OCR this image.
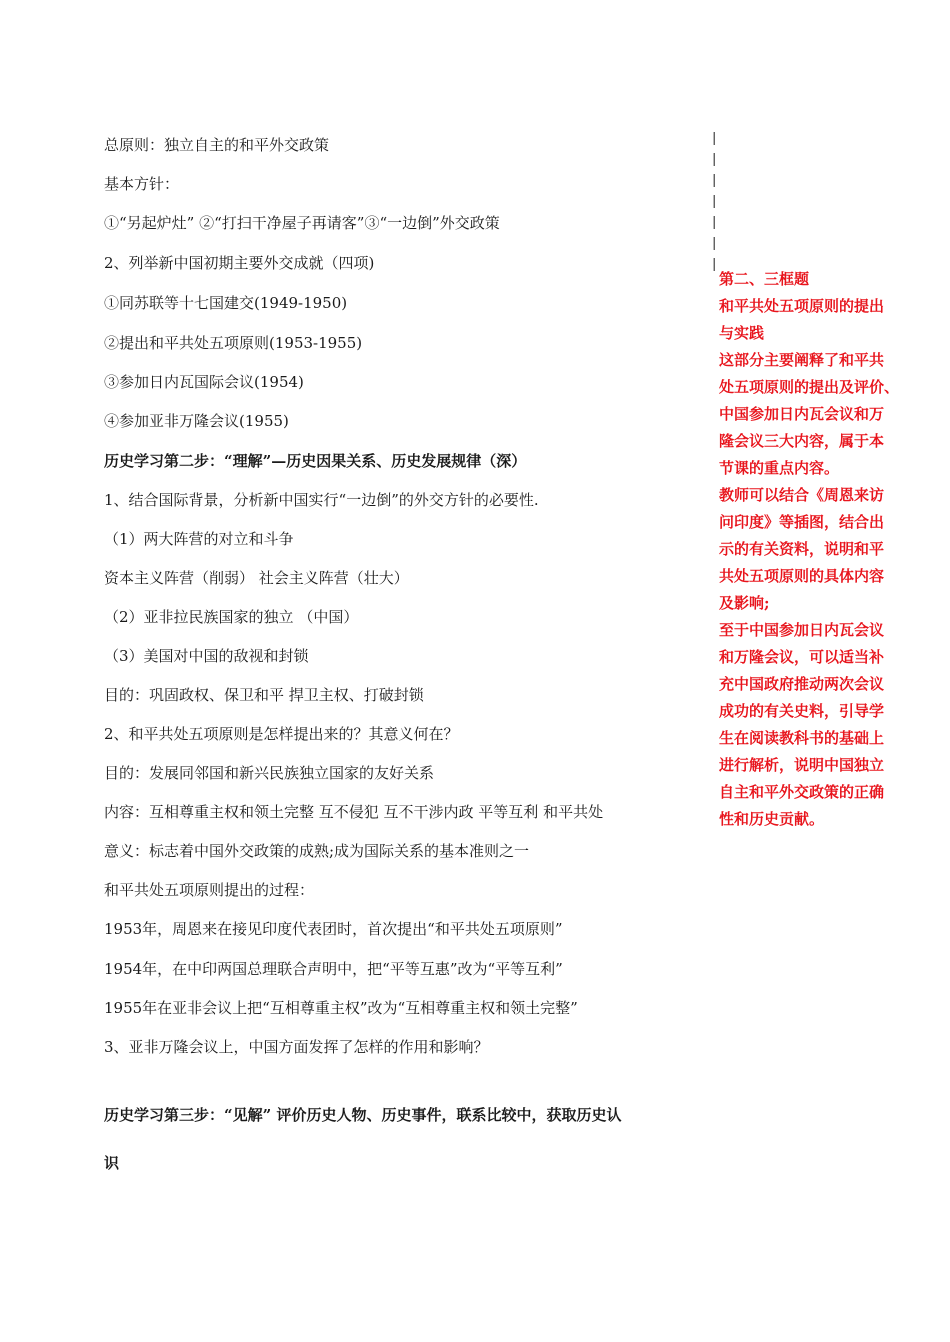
总原则：独立自主的和平外交政策
基本方针：
①“另起炉灶” ②“打扫干净屋子再请客”③“一边倒”外交政策
2、列举新中国初期主要外交成就（四项)
①同苏联等十七国建交(1949-1950)
②提出和平共处五项原则(1953-1955)
③参加日内瓦国际会议(1954)
④参加亚非万隆会议(1955)
历史学习第二步：“理解”—历史因果关系、历史发展规律（深）
1、结合国际背景，分析新中国实行“一边倒”的外交方针的必要性.
（1）两大阵营的对立和斗争
资本主义阵营（削弱） 社会主义阵营（壮大）
（2）亚非拉民族国家的独立 （中国）
（3）美国对中国的敌视和封锁
目的：巩固政权、保卫和平 捍卫主权、打破封锁
2、和平共处五项原则是怎样提出来的？其意义何在？
目的：发展同邻国和新兴民族独立国家的友好关系
内容：互相尊重主权和领土完整 互不侵犯 互不干涉内政 平等互利 和平共处
意义：标志着中国外交政策的成熟;成为国际关系的基本准则之一
和平共处五项原则提出的过程：
1953年，周恩来在接见印度代表团时，首次提出“和平共处五项原则”
1954年，在中印两国总理联合声明中，把“平等互惠”改为“平等互利”
1955年在亚非会议上把“互相尊重主权”改为“互相尊重主权和领土完整”
3、亚非万隆会议上，中国方面发挥了怎样的作用和影响？
历史学习第三步：“见解” 评价历史人物、历史事件，联系比较中，获取历史认
识
|
|
|
|
|
|
|
第二、三框题
和平共处五项原则的提出
与实践
这部分主要阐释了和平共
处五项原则的提出及评价、
中国参加日内瓦会议和万
隆会议三大内容，属于本
节课的重点内容。
教师可以结合《周恩来访
问印度》等插图，结合出
示的有关资料，说明和平
共处五项原则的具体内容
及影响;
至于中国参加日内瓦会议
和万隆会议，可以适当补
充中国政府推动两次会议
成功的有关史料，引导学
生在阅读教科书的基础上
进行解析，说明中国独立
自主和平外交政策的正确
性和历史贡献。
